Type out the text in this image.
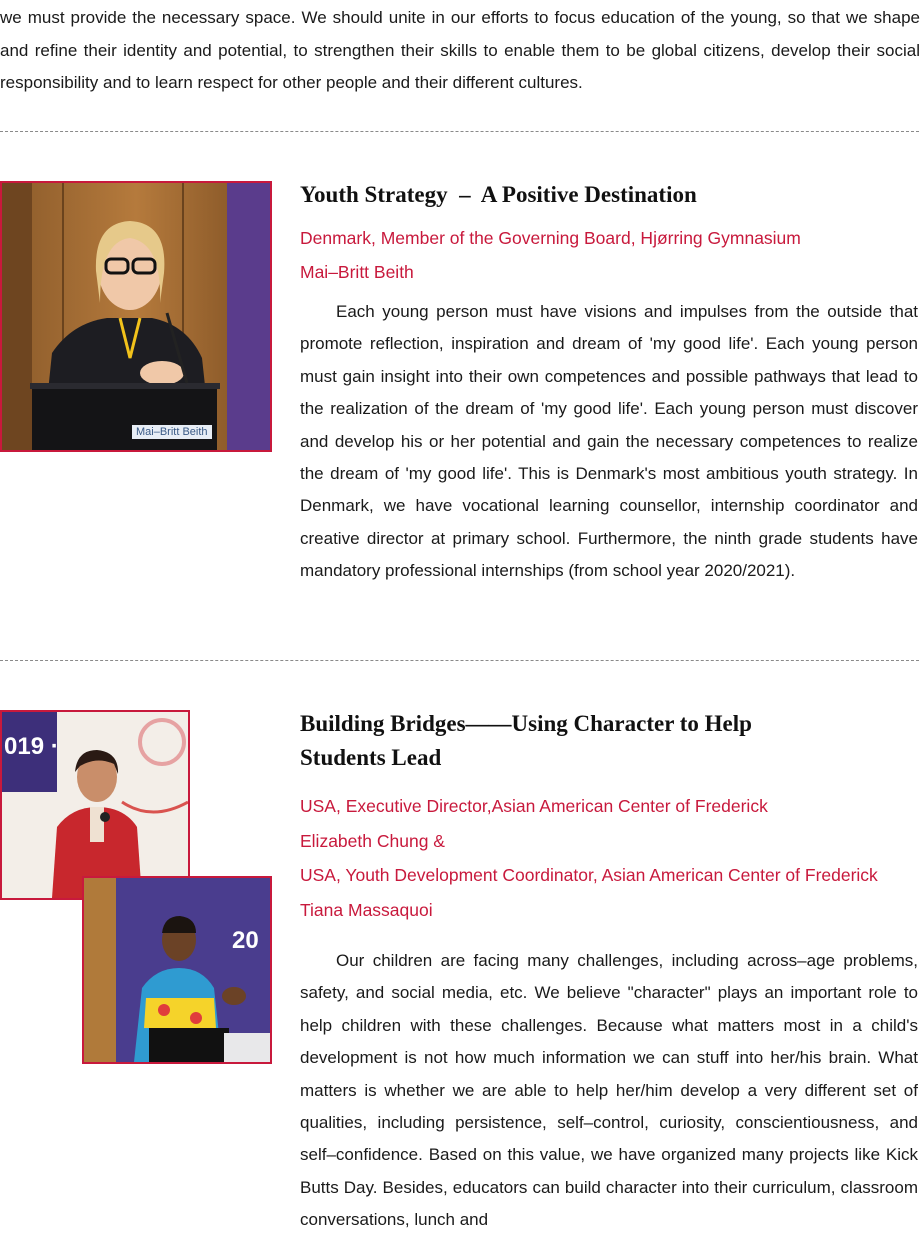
we must provide the necessary space. We should unite in our efforts to focus education of the young, so that we shape and refine their identity and potential, to strengthen their skills to enable them to be global citizens, develop their social responsibility and to learn respect for other people and their different cultures.

Mai–Britt Beith
Youth Strategy  –  A Positive Destination

Denmark, Member of the Governing Board, Hjørring Gymnasium

Mai–Britt Beith

Each young person must have visions and impulses from the outside that promote reflection, inspiration and dream of 'my good life'. Each young person must gain insight into their own competences and possible pathways that lead to the realization of the dream of 'my good life'. Each young person must discover and develop his or her potential and gain the necessary competences to realize the dream of 'my good life'. This is Denmark's most ambitious youth strategy. In Denmark, we have vocational learning counsellor, internship coordinator and creative director at primary school. Furthermore, the ninth grade students have mandatory professional internships (from school year 2020/2021).

019 ·
20
Building Bridges——Using Character to Help Students Lead

USA, Executive Director,Asian American Center of Frederick

Elizabeth Chung &

USA, Youth Development Coordinator, Asian American Center of Frederick

Tiana Massaquoi

Our children are facing many challenges, including across–age problems, safety, and social media, etc. We believe "character" plays an important role to help children with these challenges. Because what matters most in a child's development is not how much information we can stuff into her/his brain. What matters is whether we are able to help her/him develop a very different set of qualities, including persistence, self–control, curiosity, conscientiousness, and self–confidence. Based on this value, we have organized many projects like Kick Butts Day. Besides, educators can build character into their curriculum, classroom conversations, lunch and
